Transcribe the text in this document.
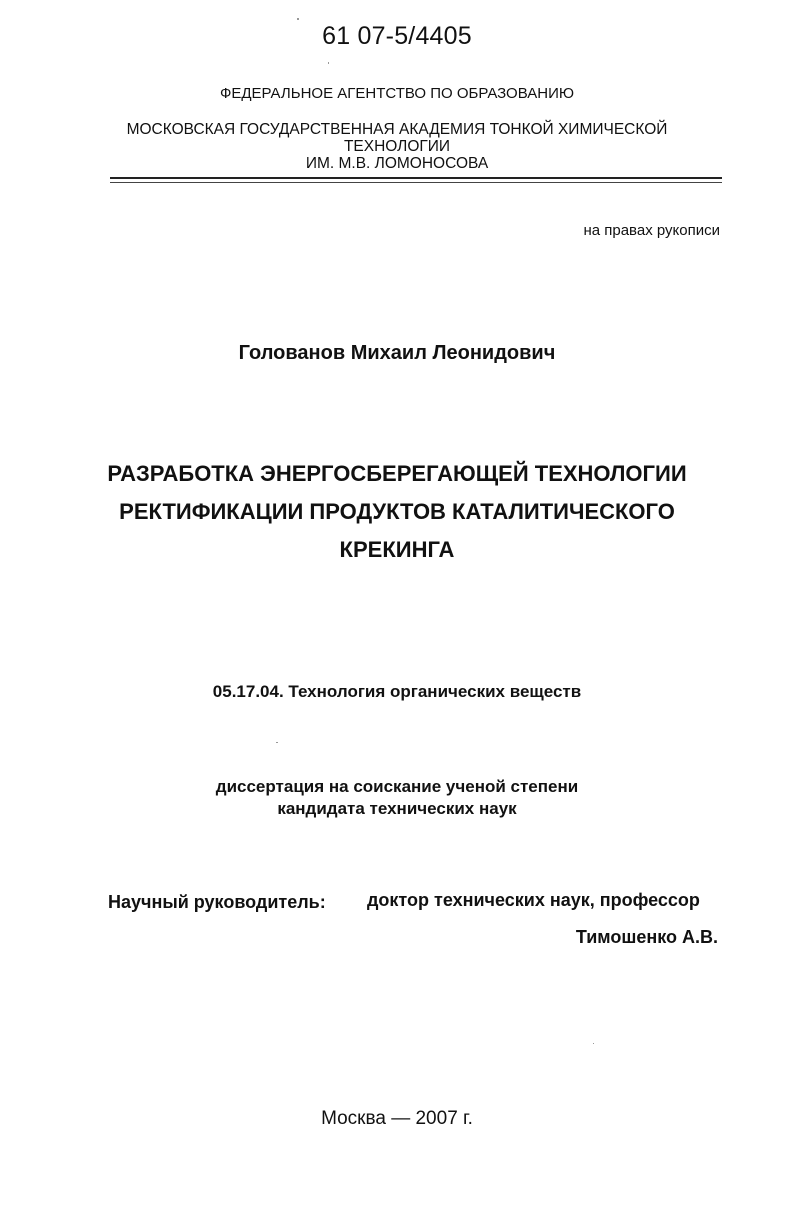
61 07-5/4405
ФЕДЕРАЛЬНОЕ АГЕНТСТВО ПО ОБРАЗОВАНИЮ
МОСКОВСКАЯ ГОСУДАРСТВЕННАЯ АКАДЕМИЯ ТОНКОЙ ХИМИЧЕСКОЙ
ТЕХНОЛОГИИ
ИМ. М.В. ЛОМОНОСОВА
на правах рукописи
Голованов Михаил Леонидович
РАЗРАБОТКА ЭНЕРГОСБЕРЕГАЮЩЕЙ ТЕХНОЛОГИИ
РЕКТИФИКАЦИИ ПРОДУКТОВ КАТАЛИТИЧЕСКОГО
КРЕКИНГА
05.17.04. Технология органических веществ
диссертация на соискание ученой степени
кандидата технических наук
Научный руководитель: доктор технических наук, профессор
Тимошенко А.В.
Москва — 2007 г.
